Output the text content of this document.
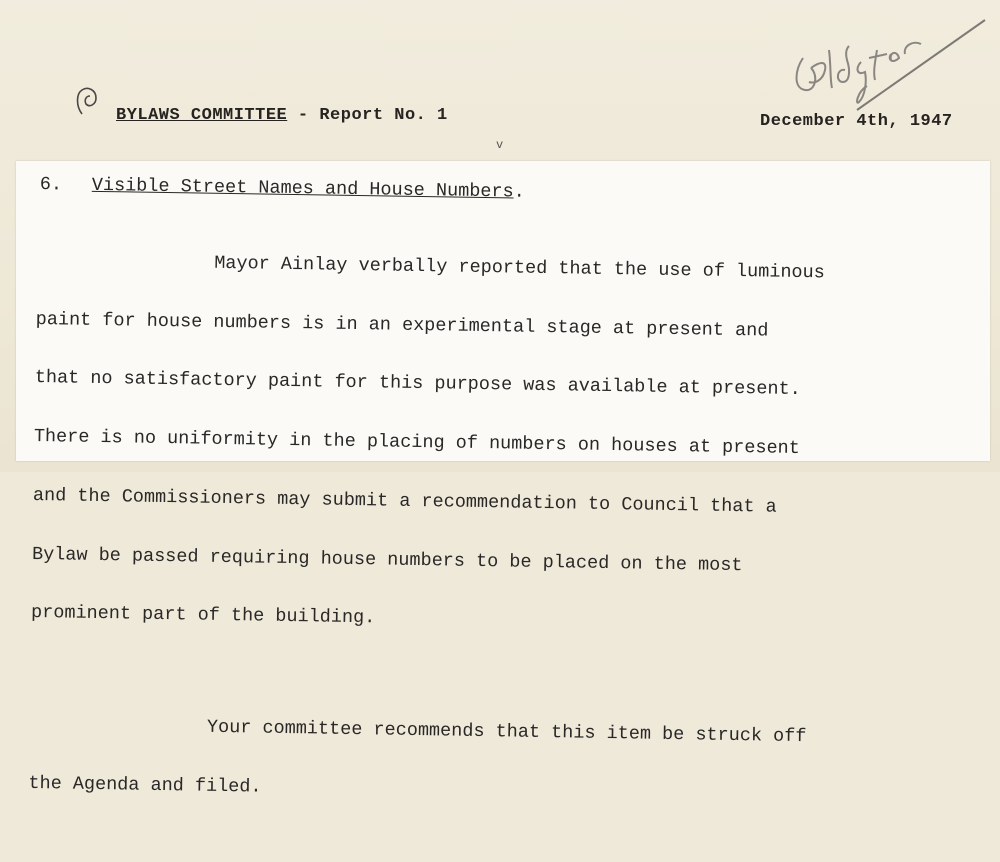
BYLAWS COMMITTEE - Report No. 1	December 4th, 1947
v
6. Visible Street Names and House Numbers.

Mayor Ainlay verbally reported that the use of luminous

paint for house numbers is in an experimental stage at present and

that no satisfactory paint for this purpose was available at present.

There is no uniformity in the placing of numbers on houses at present

and the Commissioners may submit a recommendation to Council that a

Bylaw be passed requiring house numbers to be placed on the most

prominent part of the building.

Your committee recommends that this item be struck off

the Agenda and filed.
